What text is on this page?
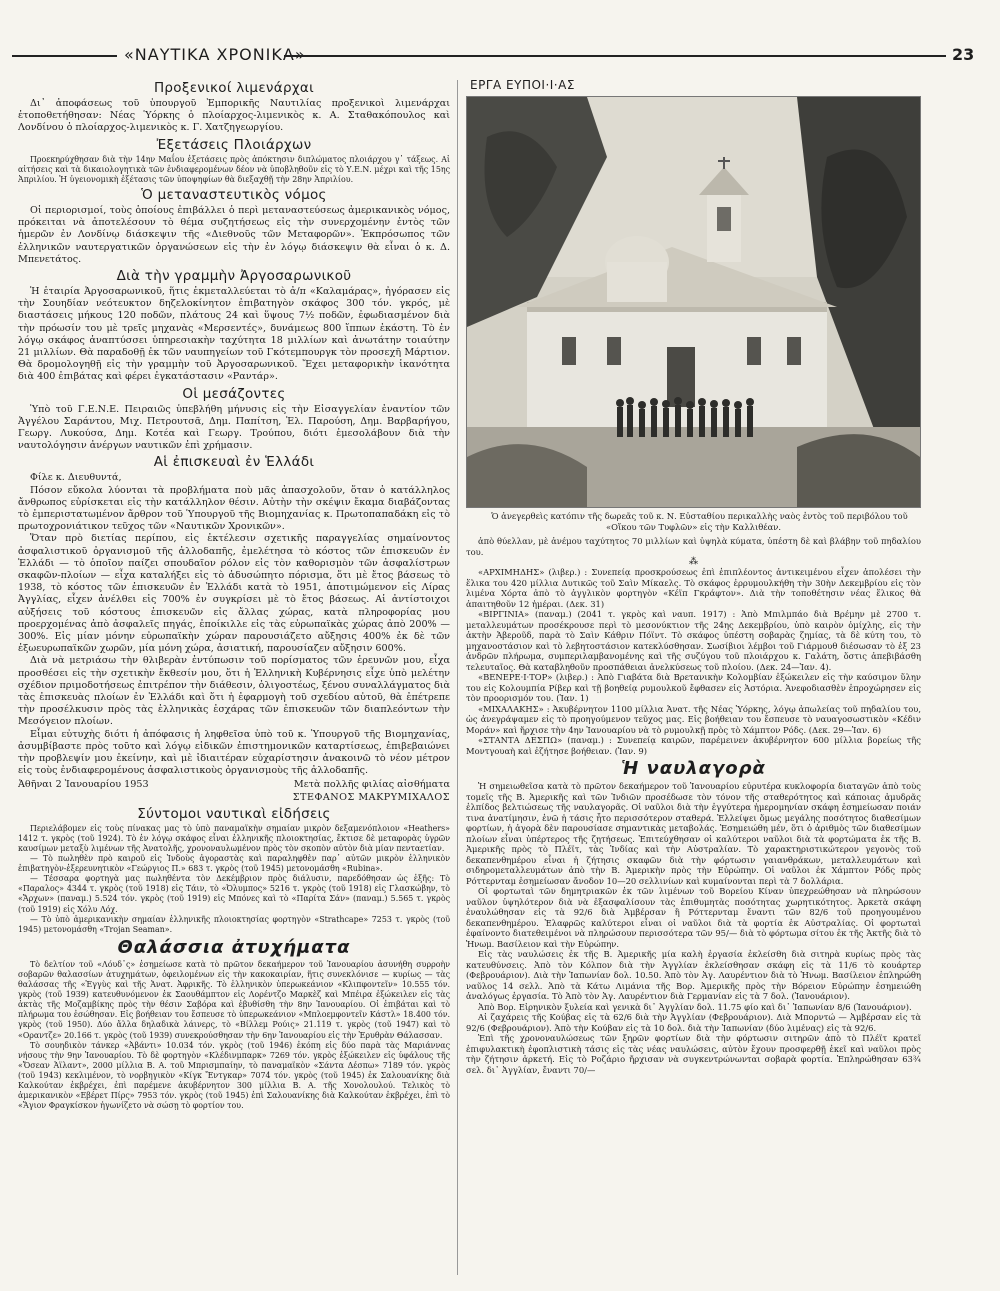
«ΝΑΥΤΙΚΑ ΧΡΟΝΙΚΑ»	23
Προξενικοί λιμενάρχαι

Δι᾽ ἀποφάσεως τοῦ ὑπουργοῦ Ἐμπορικῆς Ναυτιλίας προξενικοὶ λιμενάρχαι ἐτοποθετήθησαν: Νέας Ὑόρκης ὁ πλοίαρχος-λιμενικὸς κ. Α. Σταθακόπουλος καὶ Λονδίνου ὁ πλοίαρχος-λιμενικὸς κ. Γ. Χατζηγεωργίου.

Ἐξετάσεις Πλοιάρχων

Προεκηρύχθησαν διὰ τὴν 14ην Μαΐου ἐξετάσεις πρὸς ἀπόκτησιν διπλώματος πλοιάρχου γ᾽ τάξεως. Αἱ αἰτήσεις καὶ τὰ δικαιολογητικὰ τῶν ἐνδιαφερομένων δέον νὰ ὑποβληθοῦν εἰς τὸ Υ.Ε.Ν. μέχρι καὶ τῆς 15ης Ἀπριλίου. Ἡ ὑγειονομικὴ ἐξέτασις τῶν ὑποψηφίων θὰ διεξαχθῇ τὴν 28ην Ἀπριλίου.

Ὁ μεταναστευτικὸς νόμος

Οἱ περιορισμοί, τοὺς ὁποίους ἐπιβάλλει ὁ περὶ μεταναστεύσεως ἀμερικανικὸς νόμος, πρόκειται νὰ ἀποτελέσουν τὸ θέμα συζητήσεως εἰς τὴν συνερχομένην ἐντὸς τῶν ἡμερῶν ἐν Λονδίνῳ διάσκεψιν τῆς «Διεθνοῦς τῶν Μεταφορῶν». Ἐκπρόσωπος τῶν ἑλληνικῶν ναυτεργατικῶν ὀργανώσεων εἰς τὴν ἐν λόγῳ διάσκεψιν θὰ εἶναι ὁ κ. Δ. Μπενετάτος.

Διὰ τὴν γραμμὴν Ἀργοσαρωνικοῦ

Ἡ ἑταιρία Ἀργοσαρωνικοῦ, ἥτις ἐκμεταλλεύεται τὸ ἀ/π «Καλαμάρας», ἠγόρασεν εἰς τὴν Σουηδίαν νεότευκτον δηζελοκίνητον ἐπιβατηγὸν σκάφος 300 τόν. γκρός, μὲ διαστάσεις μήκους 120 ποδῶν, πλάτους 24 καὶ ὕψους 7½ ποδῶν, ἐφωδιασμένον διὰ τὴν πρόωσίν του μὲ τρεῖς μηχανὰς «Μερσεντές», δυνάμεως 800 ἵππων ἑκάστη. Τὸ ἐν λόγῳ σκάφος ἀναπτύσσει ὑπηρεσιακὴν ταχύτητα 18 μιλλίων καὶ ἀνωτάτην τοιαύτην 21 μιλλίων. Θὰ παραδοθῇ ἐκ τῶν ναυπηγείων τοῦ Γκότεμπουργκ τὸν προσεχῆ Μάρτιον. Θὰ δρομολογηθῇ εἰς τὴν γραμμὴν τοῦ Ἀργοσαρωνικοῦ. Ἔχει μεταφορικὴν ἱκανότητα διὰ 400 ἐπιβάτας καὶ φέρει ἐγκατάστασιν «Ραντάρ».

Οἱ μεσάζοντες

Ὑπὸ τοῦ Γ.Ε.Ν.Ε. Πειραιῶς ὑπεβλήθη μήνυσις εἰς τὴν Εἰσαγγελίαν ἐναντίον τῶν Ἀγγέλου Σαράντου, Μιχ. Πετρουτσᾶ, Δημ. Παπίτση, Ἐλ. Παρούση, Δημ. Βαρβαρήγου, Γεωργ. Λυκούσα, Δημ. Κοτέα καὶ Γεωργ. Τρούπου, διότι ἐμεσολάβουν διὰ τὴν ναυτολόγησιν ἀνέργων ναυτικῶν ἐπὶ χρήμασιν.

Αἱ ἐπισκευαὶ ἐν Ἑλλάδι

Φίλε κ. Διευθυντά,

Πόσον εὔκολα λύονται τὰ προβλήματα ποὺ μᾶς ἀπασχολοῦν, ὅταν ὁ κατάλληλος ἄνθρωπος εὑρίσκεται εἰς τὴν κατάλληλον θέσιν. Αὐτὴν τὴν σκέψιν ἔκαμα διαβάζοντας τὸ ἐμπεριστατωμένον ἄρθρον τοῦ Ὑπουργοῦ τῆς Βιομηχανίας κ. Πρωτοπαπαδάκη εἰς τὸ πρωτοχρονιάτικον τεῦχος τῶν «Ναυτικῶν Χρονικῶν».

Ὅταν πρὸ διετίας περίπου, εἰς ἐκτέλεσιν σχετικῆς παραγγελίας σημαίνοντος ἀσφαλιστικοῦ ὀργανισμοῦ τῆς ἀλλοδαπῆς, ἐμελέτησα τὸ κόστος τῶν ἐπισκευῶν ἐν Ἑλλάδι — τὸ ὁποῖον παίζει σπουδαῖον ρόλον εἰς τὸν καθορισμὸν τῶν ἀσφαλίστρων σκαφῶν-πλοίων — εἶχα καταλήξει εἰς τὸ ἀδυσώπητο πόρισμα, ὅτι μὲ ἔτος βάσεως τὸ 1938, τὸ κόστος τῶν ἐπισκευῶν ἐν Ἑλλάδι κατὰ τὸ 1951, ἀποτιμώμενον εἰς Λίρας Ἀγγλίας, εἶχεν ἀνέλθει εἰς 700% ἐν συγκρίσει μὲ τὸ ἔτος βάσεως. Αἱ ἀντίστοιχοι αὐξήσεις τοῦ κόστους ἐπισκευῶν εἰς ἄλλας χώρας, κατὰ πληροφορίας μου προερχομένας ἀπὸ ἀσφαλεῖς πηγάς, ἐποίκιλλε εἰς τὰς εὐρωπαϊκὰς χώρας ἀπὸ 200% — 300%. Εἰς μίαν μόνην εὐρωπαϊκὴν χώραν παρουσιάζετο αὔξησις 400% ἐκ δὲ τῶν ἐξωευρωπαϊκῶν χωρῶν, μία μόνη χώρα, ἀσιατική, παρουσίαζεν αὔξησιν 600%.

Διὰ νὰ μετριάσω τὴν θλιβερὰν ἐντύπωσιν τοῦ πορίσματος τῶν ἐρευνῶν μου, εἶχα προσθέσει εἰς τὴν σχετικὴν ἔκθεσίν μου, ὅτι ἡ Ἑλληνικὴ Κυβέρνησις εἶχε ὑπὸ μελέτην σχέδιον πριμοδοτήσεως ἐπιτρέπον τὴν διάθεσιν, ὀλιγοστέως, ξένου συναλλάγματος διὰ τὰς ἐπισκευὰς πλοίων ἐν Ἑλλάδι καὶ ὅτι ἡ ἐφαρμογὴ τοῦ σχεδίου αὐτοῦ, θὰ ἐπέτρεπε τὴν προσέλκυσιν πρὸς τὰς ἑλληνικὰς ἐσχάρας τῶν ἐπισκευῶν τῶν διαπλεόντων τὴν Μεσόγειον πλοίων.

Εἶμαι εὐτυχὴς διότι ἡ ἀπόφασις ἡ ληφθεῖσα ὑπὸ τοῦ κ. Ὑπουργοῦ τῆς Βιομηχανίας, ἀσυμβίβαστε πρὸς τοῦτο καὶ λόγῳ εἰδικῶν ἐπιστημονικῶν καταρτίσεως, ἐπιβεβαιώνει τὴν προβλεψίν μου ἐκείνην, καὶ μὲ ἰδιαιτέραν εὐχαρίστησιν ἀνακοινῶ τὸ νέον μέτρον εἰς τοὺς ἐνδιαφερομένους ἀσφαλιστικοὺς ὀργανισμοὺς τῆς ἀλλοδαπῆς.

Ἀθῆναι 2 Ἰανουαρίου 1953	Μετὰ πολλῆς φιλίας αἰσθήματα
ΣΤΕΦΑΝΟΣ ΜΑΚΡΥΜΙΧΑΛΟΣ
Σύντομοι ναυτικαὶ εἰδήσεις

Περιελάβομεν εἰς τοὺς πίνακας μας τὸ ὑπὸ παναμαϊκὴν σημαίαν μικρὸν δεξαμενόπλοιον «Heathers» 1412 τ. γκρὸς (τοῦ 1924). Τὸ ἐν λόγῳ σκάφος εἶναι ἑλληνικῆς πλοιοκτησίας, ἔκτισε δὲ μεταφορὰς ὑγρῶν καυσίμων μεταξὺ λιμένων τῆς Ἀνατολῆς, χρονοναυλωμένον πρὸς τὸν σκοπὸν αὐτὸν διὰ μίαν πενταετίαν.

— Τὸ πωληθὲν πρὸ καιροῦ εἰς Ἰνδοὺς ἀγοραστὰς καὶ παραληφθὲν παρ᾽ αὐτῶν μικρὸν ἑλληνικὸν ἐπιβατηγὸν-ἐξερευνητικὸν «Γεώργιος Π.» 683 τ. γκρὸς (τοῦ 1945) μετονομάσθη «Rubina».

— Τέσσαρα φορτηγὰ μας πωληθέντα τὸν Δεκέμβριον πρὸς διάλυσιν, παρεδόθησαν ὡς ἑξῆς: Τὸ «Παραλος» 4344 τ. γκρὸς (τοῦ 1918) εἰς Τάιν, τὸ «Ὀλυμπος» 5216 τ. γκρὸς (τοῦ 1918) εἰς Γλασκώβην, τὸ «Ἄρχων» (παναμ.) 5.524 τόν. γκρὸς (τοῦ 1919) εἰς Μπόνες καὶ τὸ «Παρίτα Σάν» (παναμ.) 5.565 τ. γκρὸς (τοῦ 1919) εἰς Χόλυ Λόχ.

— Τὸ ὑπὸ ἀμερικανικὴν σημαίαν ἑλληνικῆς πλοιοκτησίας φορτηγὸν «Strathcape» 7253 τ. γκρὸς (τοῦ 1945) μετονομάσθη «Trojan Seaman».

Θαλάσσια ἀτυχήματα

Τὸ δελτίον τοῦ «Λόυδ᾽ς» ἐσημείωσε κατὰ τὸ πρῶτον δεκαήμερον τοῦ Ἰανουαρίου ἀσυνήθη συρροὴν σοβαρῶν θαλασσίων ἀτυχημάτων, ὀφειλομένων εἰς τὴν κακοκαιρίαν, ἥτις συνεκλόνισε — κυρίως — τὰς θαλάσσας τῆς «Ἐγγὺς καὶ τῆς Ἀνατ. Ἀφρικῆς. Τὸ ἑλληνικὸν ὑπερωκεάνιον «Κλιπφοντεῖν» 10.555 τόν. γκρὸς (τοῦ 1939) κατευθυνόμενον ἐκ Σαουθάμπτον εἰς Λορέντζο Μαρκὲζ καὶ Μπέιρα ἐξώκειλεν εἰς τὰς ἀκτὰς τῆς Μοζαμβίκης πρὸς τὴν θέσιν Σαβόρα καὶ ἐβυθίσθη τὴν 8ην Ἰανουαρίου. Οἱ ἐπιβάται καὶ τὸ πλήρωμα του ἐσώθησαν. Εἰς βοήθειαν του ἔσπευσε τὸ ὑπερωκεάνιον «Μπλοεμφοντεῖν Κάστλ» 18.400 τόν. γκρὸς (τοῦ 1950). Δύο ἄλλα δηλαδικὰ λάινερς, τὸ «Βίλλεμ Ρούις» 21.119 τ. γκρὸς (τοῦ 1947) καὶ τὸ «Οραντζε» 20.166 τ. γκρὸς (τοῦ 1939) συνεκρούσθησαν τὴν 6ην Ἰανουαρίου εἰς τὴν Ἐρυθρὰν Θάλασσαν.

Τὸ σουηδικὸν τάνκερ «Ἀβάντι» 10.034 τόν. γκρὸς (τοῦ 1946) ἐκόπη εἰς δύο παρὰ τὰς Μαριάννας νήσους τὴν 9ην Ἰανουαρίου. Τὸ δὲ φορτηγὸν «Κλέδινμπαρκ» 7269 τόν. γκρὸς ἐξώκειλεν εἰς ὑφάλους τῆς «Ὄσεαν Ἀϊλαντ», 2000 μίλλια Β. Α. τοῦ Μπρισμπαίην, τὸ παναμαϊκὸν «Σάντα Δέσπω» 7189 τόν. γκρὸς (τοῦ 1943) κεκλιμένον, τὸ νορβηγικὸν «Κίγκ Ἔντγκαρ» 7074 τόν. γκρὸς (τοῦ 1945) ἐκ Σαλουανίκης διὰ Καλκούταν ἐκβρέχει, ἐπὶ παρέμενε ἀκυβέρνητον 300 μίλλια Β. Α. τῆς Χονολουλού. Τελικὸς τὸ ἀμερικανικὸν «Εβέρετ Πίρς» 7953 τόν. γκρὸς (τοῦ 1945) ἐπὶ Σαλουανίκης διὰ Καλκούταν ἐκβρέχει, ἐπὶ τὸ «Ἅγιον Φραγκίσκον ἠγωνίζετο νὰ σώσῃ τὸ φορτίον του.

ΕΡΓΑ ΕΥΠΟΙ·Ι·ΑΣ

Ὁ ἀνεγερθεὶς κατόπιν τῆς δωρεᾶς τοῦ κ. Ν. Εὐσταθίου περικαλλὴς ναὸς ἐντὸς τοῦ περιβόλου τοῦ «Οἴκου τῶν Τυφλῶν» εἰς τὴν Καλλιθέαν.

ἀπὸ θύελλαν, μὲ ἀνέμου ταχύτητος 70 μιλλίων καὶ ὑψηλὰ κύματα, ὑπέστη δὲ καὶ βλάβην τοῦ πηδαλίου του.

⁂

«ΑΡΧΙΜΗΔΗΣ» (λιβερ.) : Συνεπείᾳ προσκρούσεως ἐπὶ ἐπιπλέοντος ἀντικειμένου εἶχεν ἀπολέσει τὴν ἕλικα του 420 μίλλια Δυτικῶς τοῦ Σαὶν Μίκαελς. Τὸ σκάφος ἐρρυμουλκήθη τὴν 30ὴν Δεκεμβρίου εἰς τὸν λιμένα Χόρτα ἀπὸ τὸ ἀγγλικὸν φορτηγὸν «Κέϊπ Γκράφτον». Διὰ τὴν τοποθέτησιν νέας ἕλικος θὰ ἀπαιτηθοῦν 12 ἡμέραι. (Δεκ. 31)

«ΒΙΡΓΙΝΙΑ» (παναμ.) (2041 τ. γκρὸς καὶ ναυπ. 1917) : Ἀπὸ Μπιλμπάο διὰ Βρέμην μὲ 2700 τ. μεταλλευμάτων προσέκρουσε περὶ τὸ μεσονύκτιον τῆς 24ης Δεκεμβρίου, ὑπὸ καιρὸν ὁμίχλης, εἰς τὴν ἀκτὴν Ἀβεροῦδ, παρὰ τὸ Σαὶν Κάθριν Πόϊντ. Τὸ σκάφος ὑπέστη σοβαρὰς ζημίας, τὰ δὲ κύτη του, τὸ μηχανοστάσιον καὶ τὸ λεβητοστάσιον κατεκλύσθησαν. Σωσίβιοι λέμβοι τοῦ Γιάρμουθ διέσωσαν τὸ ἐξ 23 ἀνδρῶν πλήρωμα, συμπεριλαμβανομένης καὶ τῆς συζύγου τοῦ πλοιάρχου κ. Γαλάτη, ὅστις ἀπεβιβάσθη τελευταῖος. Θὰ καταβληθοῦν προσπάθειαι ἀνελκύσεως τοῦ πλοίου. (Δεκ. 24—Ἰαν. 4).

«ΒΕΝΕΡΕ·Ι·ΤΟΡ» (λιβερ.) : Ἀπὸ Γιαβάτα διὰ Βρετανικὴν Κολομβίαν ἐξώκειλεν εἰς τὴν καύσιμον ὕλην του εἰς Κολουμπία Ρίβερ καὶ τῇ βοηθείᾳ ρυμουλκοῦ ἔφθασεν εἰς Ἀστόρια. Ἀνεφοδιασθὲν ἐπροχώρησεν εἰς τὸν προορισμόν του. (Ἰαν. 1)

«ΜΙΧΑΛΑΚΗΣ» : Ἀκυβέρνητον 1100 μίλλια Ἀνατ. τῆς Νέας Ὑόρκης, λόγῳ ἀπωλείας τοῦ πηδαλίου του, ὡς ἀνεγράψαμεν εἰς τὸ προηγούμενον τεῦχος μας. Εἰς βοήθειαν του ἔσπευσε τὸ ναυαγοσωστικὸν «Κέδιν Μοράν» καὶ ἤρχισε τὴν 4ην Ἰανουαρίου νὰ τὸ ρυμουλκῇ πρὸς τὸ Χάμπτον Ρόδς. (Δεκ. 29—Ἰαν. 6)

«ΣΤΑΝΤΑ ΔΕΣΠΩ» (παναμ.) : Συνεπείᾳ καιρῶν, παρέμεινεν ἀκυβέρνητον 600 μίλλια βορείως τῆς Μοντγουαὴ καὶ ἐζήτησε βοήθειαν. (Ἰαν. 9)

Ἡ ναυλαγορὰ

Ἡ σημειωθεῖσα κατὰ τὸ πρῶτον δεκαήμερον τοῦ Ἰανουαρίου εὐρυτέρα κυκλοφορία διαταγῶν ἀπὸ τοὺς τομεῖς τῆς Β. Ἀμερικῆς καὶ τῶν Ἰνδιῶν προσέδωσε τὸν τόνον τῆς σταθερότητος καὶ κάποιας ἀμυδρᾶς ἐλπίδος βελτιώσεως τῆς ναυλαγορᾶς. Οἱ ναῦλοι διὰ τὴν ἐγγύτερα ἡμερομηνίαν σκάφη ἐσημείωσαν ποιάν τινα ἀνατίμησιν, ἐνῶ ἡ τάσις ἦτο περισσότερον σταθερά. Ἐλλείψει ὅμως μεγάλης ποσότητος διαθεσίμων φορτίων, ἡ ἀγορὰ δὲν παρουσίασε σημαντικὰς μεταβολάς. Ἐσημειώθη μέν, ὅτι ὁ ἀριθμὸς τῶν διαθεσίμων πλοίων εἶναι ὑπέρτερος τῆς ζητήσεως. Ἐπιτεύχθησαν οἱ καλύτεροι ναῦλοι διὰ τὰ φορτώματα ἐκ τῆς Β. Ἀμερικῆς πρὸς τὸ Πλέϊτ, τὰς Ἰνδίας καὶ τὴν Αὐστραλίαν. Τὸ χαρακτηριστικώτερον γεγονὸς τοῦ δεκαπενθημέρου εἶναι ἡ ζήτησις σκαφῶν διὰ τὴν φόρτωσιν γαιανθράκων, μεταλλευμάτων καὶ σιδηρομεταλλευμάτων ἀπὸ τὴν Β. Ἀμερικὴν πρὸς τὴν Εὐρώπην. Οἱ ναῦλοι ἐκ Χάμπτον Ρόδς πρὸς Ρόττερνταμ ἐσημείωσαν ἄνοδον 10—20 σελλινίων καὶ κυμαίνονται περὶ τὰ 7 δολλάρια.

Οἱ φορτωταὶ τῶν δημητριακῶν ἐκ τῶν λιμένων τοῦ Βορείου Κίναν ὑπεχρεώθησαν νὰ πληρώσουν ναῦλον ὑψηλότερον διὰ νὰ ἐξασφαλίσουν τὰς ἐπιθυμητὰς ποσότητας χωρητικότητος. Ἀρκετὰ σκάφη ἐναυλώθησαν εἰς τὰ 92/6 διὰ Ἀμβέρσαν ἢ Ρόττερνταμ ἔναντι τῶν 82/6 τοῦ προηγουμένου δεκαπενθημέρου. Ἐλαφρῶς καλύτεροι εἶναι οἱ ναῦλοι διὰ τὰ φορτία ἐκ Αὐστραλίας. Οἱ φορτωταὶ ἐφαίνοντο διατεθειμένοι νὰ πληρώσουν περισσότερα τῶν 95/— διὰ τὸ φόρτωμα σίτου ἐκ τῆς Ἀκτῆς διὰ τὸ Ἡνωμ. Βασίλειον καὶ τὴν Εὐρώπην.

Εἰς τὰς ναυλώσεις ἐκ τῆς Β. Ἀμερικῆς μία καλὴ ἐργασία ἐκλείσθη διὰ σιτηρὰ κυρίως πρὸς τὰς κατευθύνσεις. Ἀπὸ τὸν Κόλπον διὰ τὴν Ἀγγλίαν ἐκλείσθησαν σκάφη εἰς τὰ 11/6 τὸ κουάρτερ (Φεβρουάριον). Διὰ τὴν Ἰαπωνίαν δολ. 10.50. Ἀπὸ τὸν Ἀγ. Λαυρέντιον διὰ τὸ Ἡνωμ. Βασίλειον ἐπληρώθη ναῦλος 14 σελλ. Ἀπὸ τὰ Κάτω Λιμάνια τῆς Βορ. Ἀμερικῆς πρὸς τὴν Βόρειον Εὐρώπην ἐσημειώθη ἀναλόγως ἐργασία. Τὸ Ἀπὸ τὸν Ἀγ. Λαυρέντιον διὰ Γερμανίαν εἰς τὰ 7 δολ. (Ἰανουάριον).

Ἀπὸ Βορ. Εἰρηνικὸν ξυλεία καὶ γενικὰ δι᾽ Ἀγγλίαν δολ. 11.75 φίο καὶ δι᾽ Ἰαπωνίαν 8/6 (Ἰανουάριον).

Αἱ ζαχάρεις τῆς Κούβας εἰς τὰ 62/6 διὰ τὴν Ἀγγλίαν (Φεβρουάριον). Διὰ Μπορντώ — Ἀμβέρσαν εἰς τὰ 92/6 (Φεβρουάριον). Ἀπὸ τὴν Κούβαν εἰς τὰ 10 δολ. διὰ τὴν Ἰαπωνίαν (δύο λιμένας) εἰς τὰ 92/6.

Ἐπὶ τῆς χρονοναυλώσεως τῶν ξηρῶν φορτίων διὰ τὴν φόρτωσιν σιτηρῶν ἀπὸ τὸ Πλέϊτ κρατεῖ ἐπιφυλακτικὴ ἐφοπλιστικὴ τάσις εἰς τὰς νέας ναυλώσεις, αὐτὸν ἔχουν προσφερθῇ ἐκεῖ καὶ ναῦλοι πρὸς τὴν ζήτησιν ἀρκετή. Εἰς τὸ Ροζάριο ἤρχισαν νὰ συγκεντρώνωνται σοβαρὰ φορτία. Ἐπληρώθησαν 63¾ σελ. δι᾽ Ἀγγλίαν, ἔναντι 70/—
